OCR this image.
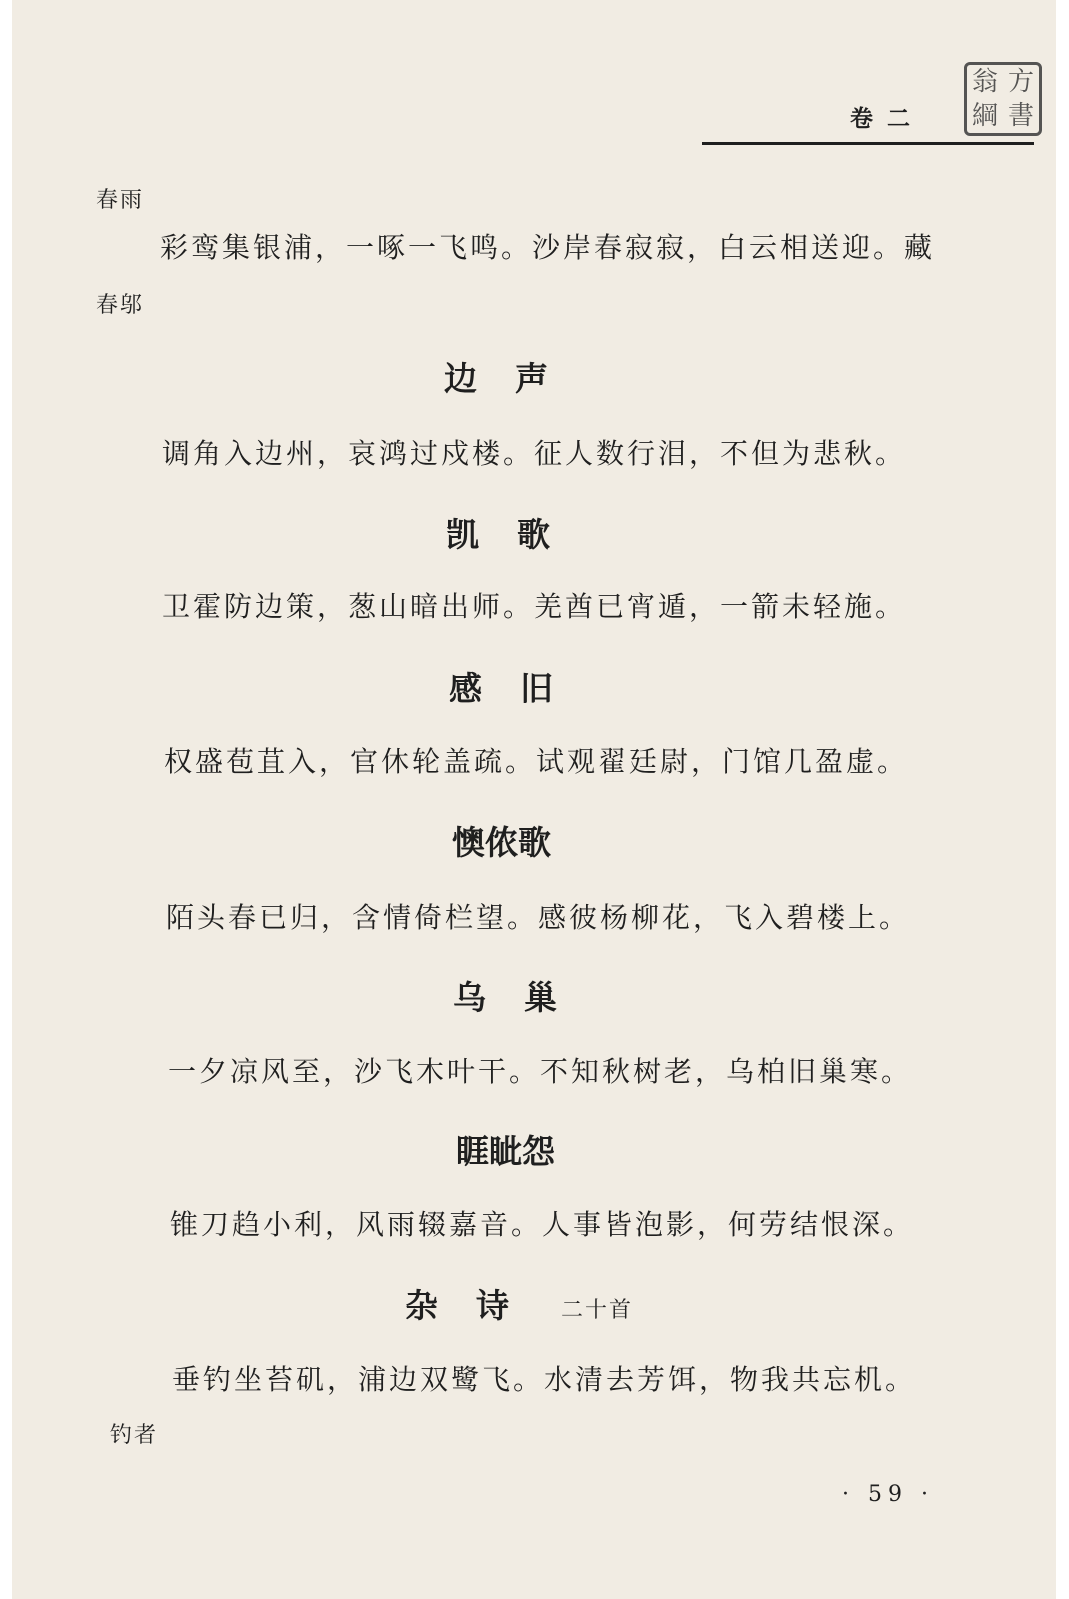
翁 方
綱 書
卷二
春雨
彩鸾集银浦，一啄一飞鸣。沙岸春寂寂，白云相送迎。藏
春邬
边声
调角入边州，哀鸿过戍楼。征人数行泪，不但为悲秋。
凯歌
卫霍防边策，葱山暗出师。羌酋已宵遁，一箭未轻施。
感旧
权盛苞苴入，官休轮盖疏。试观翟廷尉，门馆几盈虚。
懊侬歌
陌头春已归，含情倚栏望。感彼杨柳花，飞入碧楼上。
乌巢
一夕凉风至，沙飞木叶干。不知秋树老，乌柏旧巢寒。
睚眦怨
锥刀趋小利，风雨辍嘉音。人事皆泡影，何劳结恨深。
杂诗 二十首
垂钓坐苔矶，浦边双鹭飞。水清去芳饵，物我共忘机。
钓者
· 59 ·
